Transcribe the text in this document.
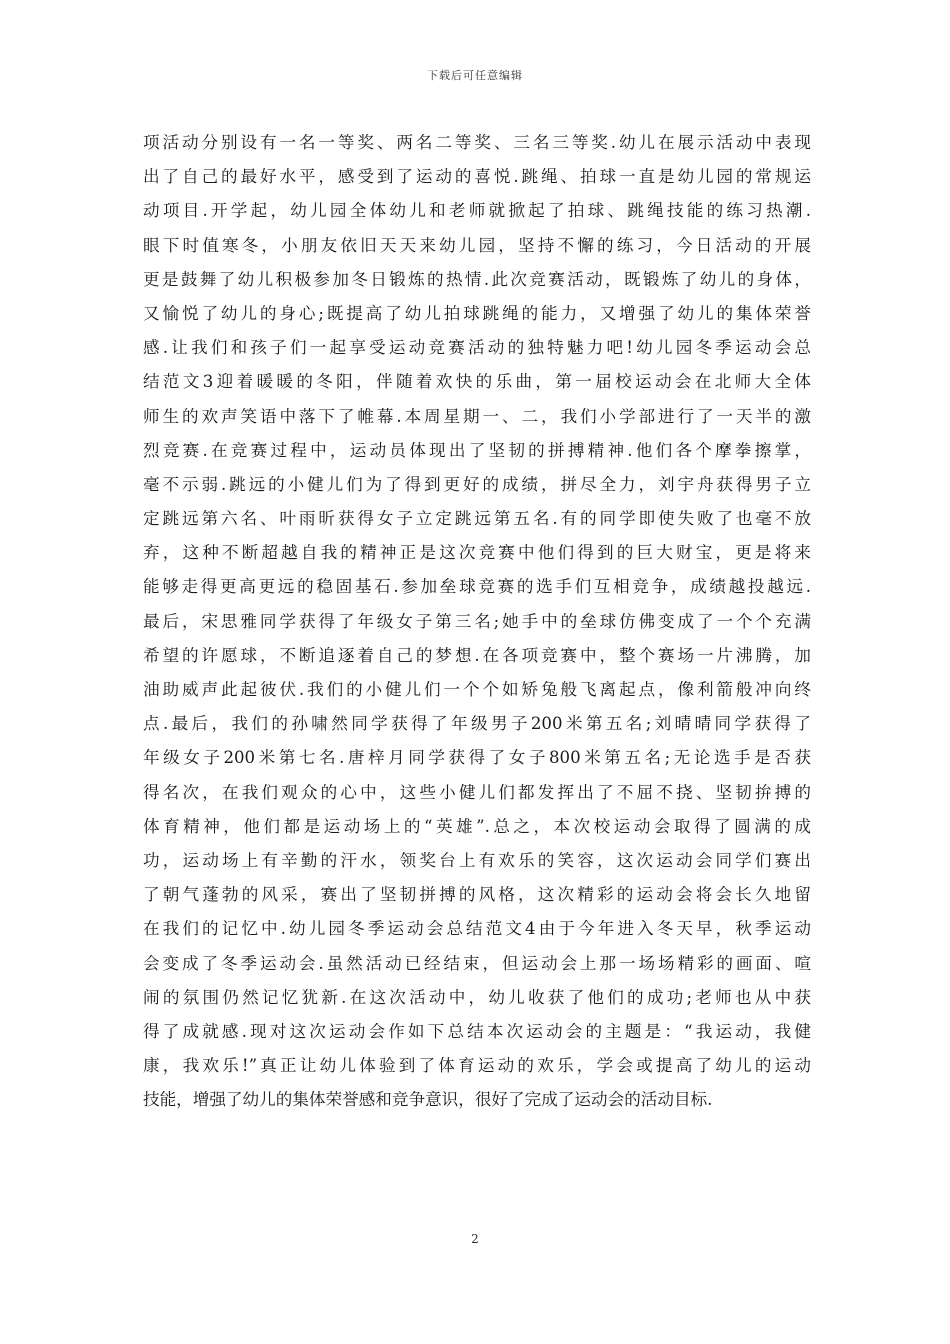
下载后可任意编辑
项活动分别设有一名一等奖、两名二等奖、三名三等奖.幼儿在展示活动中表现
出了自己的最好水平，感受到了运动的喜悦.跳绳、拍球一直是幼儿园的常规运
动项目.开学起，幼儿园全体幼儿和老师就掀起了拍球、跳绳技能的练习热潮.
眼下时值寒冬，小朋友依旧天天来幼儿园，坚持不懈的练习，今日活动的开展
更是鼓舞了幼儿积极参加冬日锻炼的热情.此次竞赛活动，既锻炼了幼儿的身体，
又愉悦了幼儿的身心;既提高了幼儿拍球跳绳的能力，又增强了幼儿的集体荣誉
感.让我们和孩子们一起享受运动竞赛活动的独特魅力吧!幼儿园冬季运动会总
结范文3迎着暖暖的冬阳，伴随着欢快的乐曲，第一届校运动会在北师大全体
师生的欢声笑语中落下了帷幕.本周星期一、二，我们小学部进行了一天半的激
烈竞赛.在竞赛过程中，运动员体现出了坚韧的拼搏精神.他们各个摩拳擦掌，
毫不示弱.跳远的小健儿们为了得到更好的成绩，拼尽全力，刘宇舟获得男子立
定跳远第六名、叶雨昕获得女子立定跳远第五名.有的同学即使失败了也毫不放
弃，这种不断超越自我的精神正是这次竞赛中他们得到的巨大财宝，更是将来
能够走得更高更远的稳固基石.参加垒球竞赛的选手们互相竞争，成绩越投越远.
最后，宋思雅同学获得了年级女子第三名;她手中的垒球仿佛变成了一个个充满
希望的许愿球，不断追逐着自己的梦想.在各项竞赛中，整个赛场一片沸腾，加
油助威声此起彼伏.我们的小健儿们一个个如矫兔般飞离起点，像利箭般冲向终
点.最后，我们的孙啸然同学获得了年级男子200米第五名;刘晴晴同学获得了
年级女子200米第七名.唐梓月同学获得了女子800米第五名;无论选手是否获
得名次，在我们观众的心中，这些小健儿们都发挥出了不屈不挠、坚韧拚搏的
体育精神，他们都是运动场上的“英雄”.总之，本次校运动会取得了圆满的成
功，运动场上有辛勤的汗水，领奖台上有欢乐的笑容，这次运动会同学们赛出
了朝气蓬勃的风采，赛出了坚韧拼搏的风格，这次精彩的运动会将会长久地留
在我们的记忆中.幼儿园冬季运动会总结范文4由于今年进入冬天早，秋季运动
会变成了冬季运动会.虽然活动已经结束，但运动会上那一场场精彩的画面、喧
闹的氛围仍然记忆犹新.在这次活动中，幼儿收获了他们的成功;老师也从中获
得了成就感.现对这次运动会作如下总结本次运动会的主题是：“我运动，我健
康，我欢乐!”真正让幼儿体验到了体育运动的欢乐，学会或提高了幼儿的运动
技能，增强了幼儿的集体荣誉感和竞争意识，很好了完成了运动会的活动目标.
2
